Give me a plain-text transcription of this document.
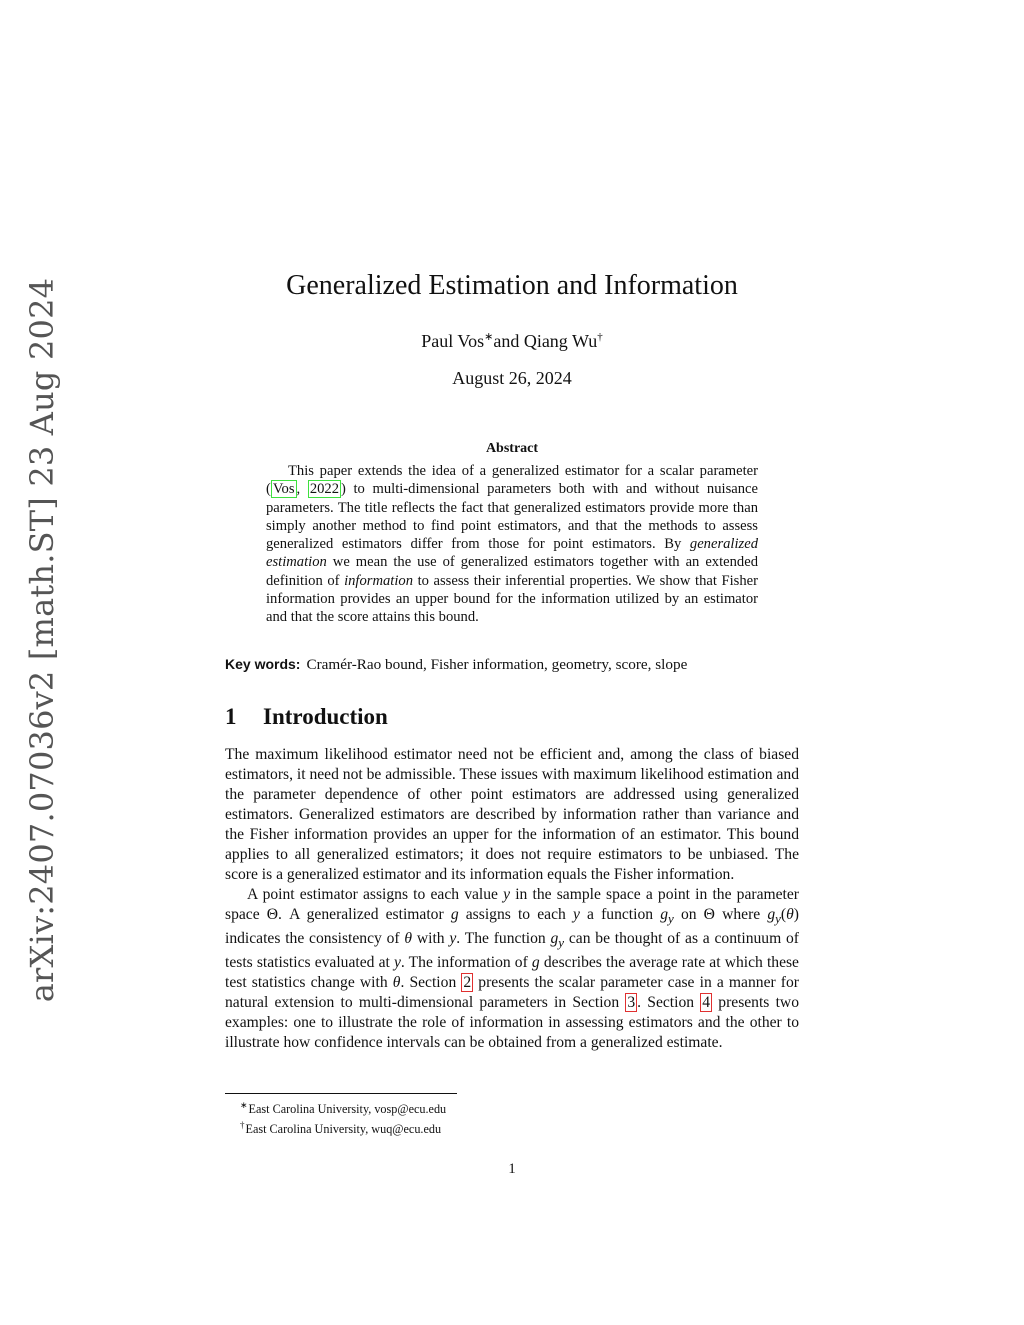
arXiv:2407.07036v2 [math.ST] 23 Aug 2024	Generalized Estimation and Information
Paul Vos∗and Qiang Wu†
August 26, 2024
Abstract

This paper extends the idea of a generalized estimator for a scalar parameter ( Vos , 2022 ) to multi-dimensional parameters both with and without nuisance parameters. The title reflects the fact that generalized estimators provide more than simply another method to find point estimators, and that the methods to assess generalized estimators differ from those for point estimators. By generalized estimation we mean the use of generalized estimators together with an extended definition of information to assess their inferential properties. We show that Fisher information provides an upper bound for the information utilized by an estimator and that the score attains this bound.

Key words: Cramér-Rao bound, Fisher information, geometry, score, slope
1 Introduction

The maximum likelihood estimator need not be efficient and, among the class of biased estimators, it need not be admissible. These issues with maximum likelihood estimation and the parameter dependence of other point estimators are addressed using generalized estimators. Generalized estimators are described by information rather than variance and the Fisher information provides an upper for the information of an estimator. This bound applies to all generalized estimators; it does not require estimators to be unbiased. The score is a generalized estimator and its information equals the Fisher information.

A point estimator assigns to each value y in the sample space a point in the parameter space Θ. A generalized estimator g assigns to each y a function $g_y$ on Θ where $g_y(\theta)$ indicates the consistency of θ with y. The function $g_y$ can be thought of as a continuum of tests statistics evaluated at y. The information of g describes the average rate at which these test statistics change with θ. Section 2 presents the scalar parameter case in a manner for natural extension to multi-dimensional parameters in Section 3 . Section 4 presents two examples: one to illustrate the role of information in assessing estimators and the other to illustrate how confidence intervals can be obtained from a generalized estimate.

∗East Carolina University, vosp@ecu.edu
†East Carolina University, wuq@ecu.edu
1
